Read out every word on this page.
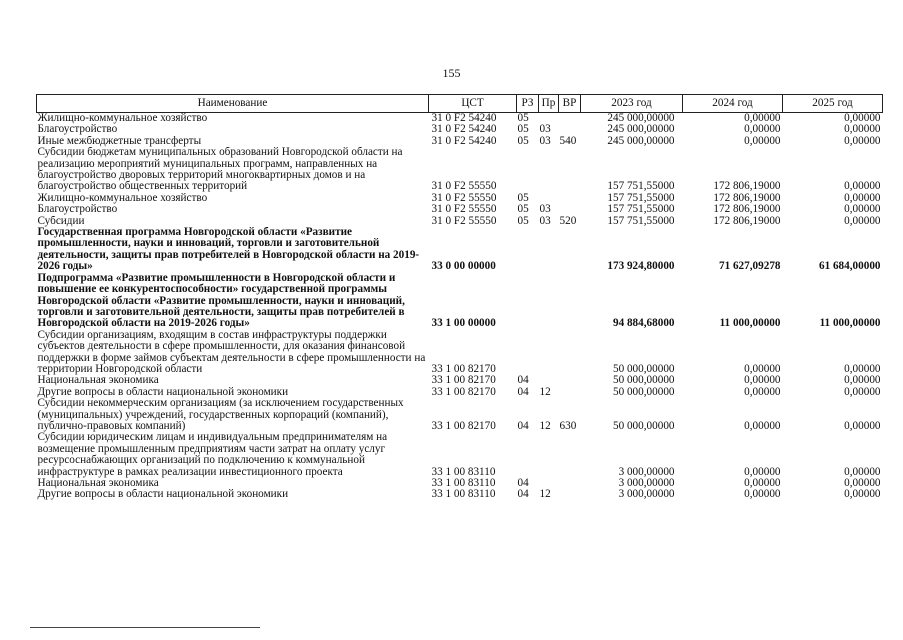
155
Наименование	ЦСТ	РЗ	Пр	ВР	2023 год	2024 год	2025 год
Жилищно-коммунальное хозяйство	31 0 F2 54240	05			245 000,00000	0,00000	0,00000
Благоустройство	31 0 F2 54240	05	03		245 000,00000	0,00000	0,00000
Иные межбюджетные трансферты	31 0 F2 54240	05	03	540	245 000,00000	0,00000	0,00000
Субсидии бюджетам муниципальных образований Новгородской области на реализацию мероприятий муниципальных программ, направленных на благоустройство дворовых территорий многоквартирных домов и на благоустройство общественных территорий	31 0 F2 55550				157 751,55000	172 806,19000	0,00000
Жилищно-коммунальное хозяйство	31 0 F2 55550	05			157 751,55000	172 806,19000	0,00000
Благоустройство	31 0 F2 55550	05	03		157 751,55000	172 806,19000	0,00000
Субсидии	31 0 F2 55550	05	03	520	157 751,55000	172 806,19000	0,00000
Государственная программа Новгородской области «Развитие промышленности, науки и инноваций, торговли и заготовительной деятельности, защиты прав потребителей в Новгородской области на 2019-2026 годы»	33 0 00 00000				173 924,80000	71 627,09278	61 684,00000
Подпрограмма «Развитие промышленности в Новгородской области и повышение ее конкурентоспособности» государственной программы Новгородской области «Развитие промышленности, науки и инноваций, торговли и заготовительной деятельности, защиты прав потребителей в Новгородской области на 2019-2026 годы»	33 1 00 00000				94 884,68000	11 000,00000	11 000,00000
Субсидии организациям, входящим в состав инфраструктуры поддержки субъектов деятельности в сфере промышленности, для оказания финансовой поддержки в форме займов субъектам деятельности в сфере промышленности на территории Новгородской области	33 1 00 82170				50 000,00000	0,00000	0,00000
Национальная экономика	33 1 00 82170	04			50 000,00000	0,00000	0,00000
Другие вопросы в области национальной экономики	33 1 00 82170	04	12		50 000,00000	0,00000	0,00000
Субсидии некоммерческим организациям (за исключением государственных (муниципальных) учреждений, государственных корпораций (компаний), публично-правовых компаний)	33 1 00 82170	04	12	630	50 000,00000	0,00000	0,00000
Субсидии юридическим лицам и индивидуальным предпринимателям на возмещение промышленным предприятиям части затрат на оплату услуг ресурсоснабжающих организаций по подключению к коммунальной инфраструктуре в рамках реализации инвестиционного проекта	33 1 00 83110				3 000,00000	0,00000	0,00000
Национальная экономика	33 1 00 83110	04			3 000,00000	0,00000	0,00000
Другие вопросы в области национальной экономики	33 1 00 83110	04	12		3 000,00000	0,00000	0,00000
